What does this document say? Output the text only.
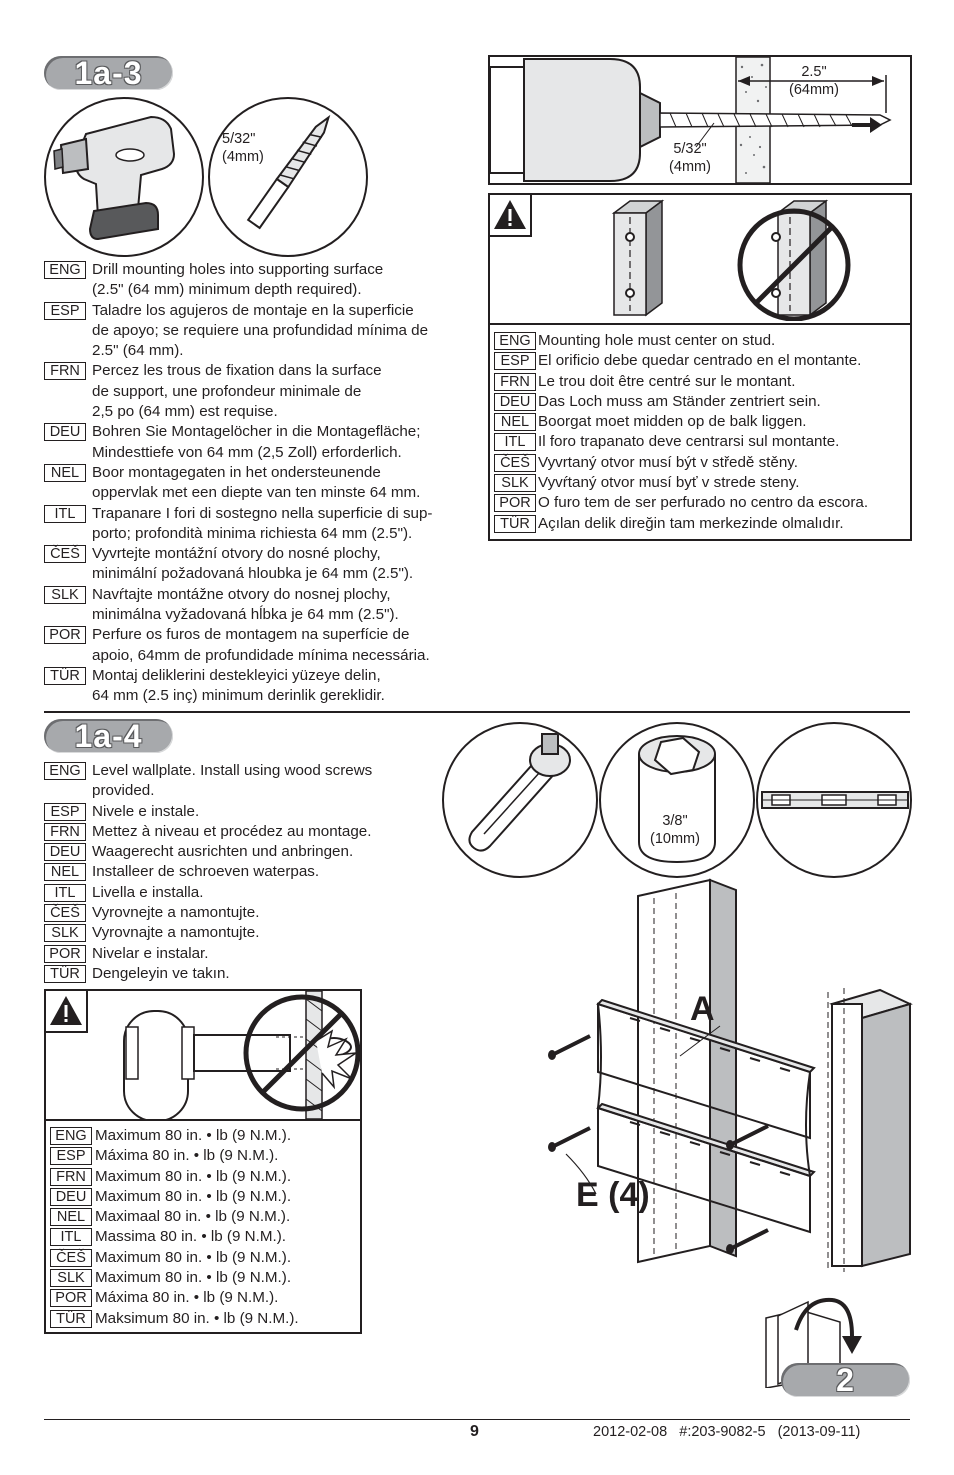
1a-3
5/32"
(4mm)
ENG Drill mounting holes into supporting surface
(2.5" (64 mm) minimum depth required).
ESP Taladre los agujeros de montaje en la superficie
de apoyo; se requiere una profundidad mínima de
2.5" (64 mm).
FRN Percez les trous de fixation dans la surface
de support, une profondeur minimale de
2,5 po (64 mm) est requise.
DEU Bohren Sie Montagelöcher in die Montagefläche;
Mindesttiefe von 64 mm (2,5 Zoll) erforderlich.
NEL Boor montagegaten in het ondersteunende
oppervlak met een diepte van ten minste 64 mm.
ITL	Trapanare I fori di sostegno nella superficie di sup-
porto; profondità minima richiesta 64 mm (2.5").
ČEŠ Vyvrtejte montážní otvory do nosné plochy,
minimální požadovaná hloubka je 64 mm (2.5").
SLK Navŕtajte montážne otvory do nosnej plochy,
minimálna vyžadovaná hĺbka je 64 mm (2.5").
POR Perfure os furos de montagem na superfície de
apoio, 64mm de profundidade mínima necessária.
TÜR Montaj deliklerini destekleyici yüzeye delin,
64 mm (2.5 inç) minimum derinlik gereklidir.
2.5"
(64mm)
5/32"
(4mm)
ENG Mounting hole must center on stud.
ESP El orificio debe quedar centrado en el montante.
FRN Le trou doit être centré sur le montant.
DEU Das Loch muss am Ständer zentriert sein.
NEL Boorgat moet midden op de balk liggen.
ITL Il foro trapanato deve centrarsi sul montante.
ČEŠ Vyvrtaný otvor musí být v středě stěny.
SLK Vyvŕtaný otvor musí byť v strede steny.
POR O furo tem de ser perfurado no centro da escora.
TÜR Açılan delik direğin tam merkezinde olmalıdır.
1a-4
ENG Level wallplate. Install using wood screws
provided.
ESP Nivele e instale.
FRN Mettez à niveau et procédez au montage.
DEU Waagerecht ausrichten und anbringen.
NEL Installeer de schroeven waterpas.
ITL	Livella e installa.
ČEŠ Vyrovnejte a namontujte.
SLK Vyrovnajte a namontujte.
POR Nivelar e instalar.
TÜR Dengeleyin ve takın.
ENG Maximum 80 in. • lb (9 N.M.).
ESP Máxima 80 in. • lb (9 N.M.).
FRN Maximum 80 in. • lb (9 N.M.).
DEU Maximum 80 in. • lb (9 N.M.).
NEL Maximaal 80 in. • lb (9 N.M.).
ITL Massima 80 in. • lb (9 N.M.).
ČEŠ Maximum 80 in. • lb (9 N.M.).
SLK Maximum 80 in. • lb (9 N.M.).
POR Máxima 80 in. • lb (9 N.M.).
TÜR Maksimum 80 in. • lb (9 N.M.).
3/8"
(10mm)
A
E (4)
2
9	2012-02-08   #:203-9082-5   (2013-09-11)
